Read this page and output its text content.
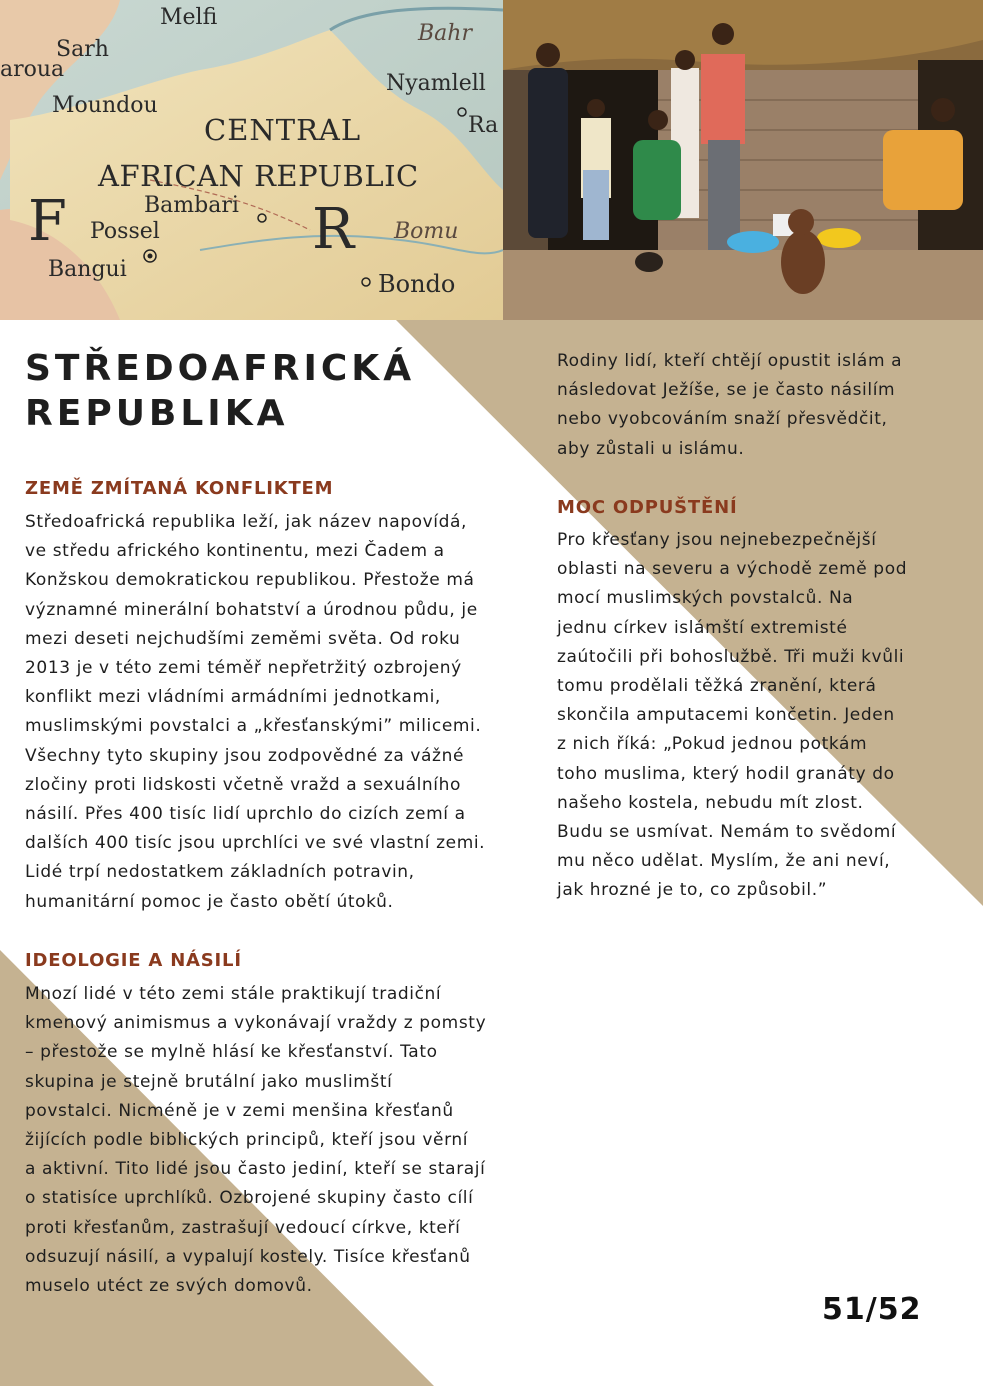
Melfi
Sarh
aroua
Bahr
Nyamlell
Moundou
Ra
CENTRAL
AFRICAN REPUBLIC
Bambari
F	R
Possel	Bomu
Bangui
Bondo
STŘEDOAFRICKÁ
REPUBLIKA
ZEMĚ ZMÍTANÁ KONFLIKTEM

Středoafrická republika leží, jak název napovídá,
ve středu afrického kontinentu, mezi Čadem a
Konžskou demokratickou republikou. Přestože má
významné minerální bohatství a úrodnou půdu, je
mezi deseti nejchudšími zeměmi světa. Od roku
2013 je v této zemi téměř nepřetržitý ozbrojený
konflikt mezi vládními armádními jednotkami,
muslimskými povstalci a „křesťanskými” milicemi.
Všechny tyto skupiny jsou zodpovědné za vážné
zločiny proti lidskosti včetně vražd a sexuálního
násilí. Přes 400 tisíc lidí uprchlo do cizích zemí a
dalších 400 tisíc jsou uprchlíci ve své vlastní zemi.
Lidé trpí nedostatkem základních potravin,
humanitární pomoc je často obětí útoků.

IDEOLOGIE A NÁSILÍ

Mnozí lidé v této zemi stále praktikují tradiční
kmenový animismus a vykonávají vraždy z pomsty
– přestože se mylně hlásí ke křesťanství. Tato
skupina je stejně brutální jako muslimští
povstalci. Nicméně je v zemi menšina křesťanů
žijících podle biblických principů, kteří jsou věrní
a aktivní. Tito lidé jsou často jediní, kteří se starají
o statisíce uprchlíků. Ozbrojené skupiny často cílí
proti křesťanům, zastrašují vedoucí církve, kteří
odsuzují násilí, a vypalují kostely. Tisíce křesťanů
muselo utéct ze svých domovů.

Rodiny lidí, kteří chtějí opustit islám a
následovat Ježíše, se je často násilím
nebo vyobcováním snaží přesvědčit,
aby zůstali u islámu.

MOC ODPUŠTĚNÍ

Pro křesťany jsou nejnebezpečnější
oblasti na severu a východě země pod
mocí muslimských povstalců. Na
jednu církev islámští extremisté
zaútočili při bohoslužbě. Tři muži kvůli
tomu prodělali těžká zranění, která
skončila amputacemi končetin. Jeden
z nich říká: „Pokud jednou potkám
toho muslima, který hodil granáty do
našeho kostela, nebudu mít zlost.
Budu se usmívat. Nemám to svědomí
mu něco udělat. Myslím, že ani neví,
jak hrozné je to, co způsobil.”

51/52
